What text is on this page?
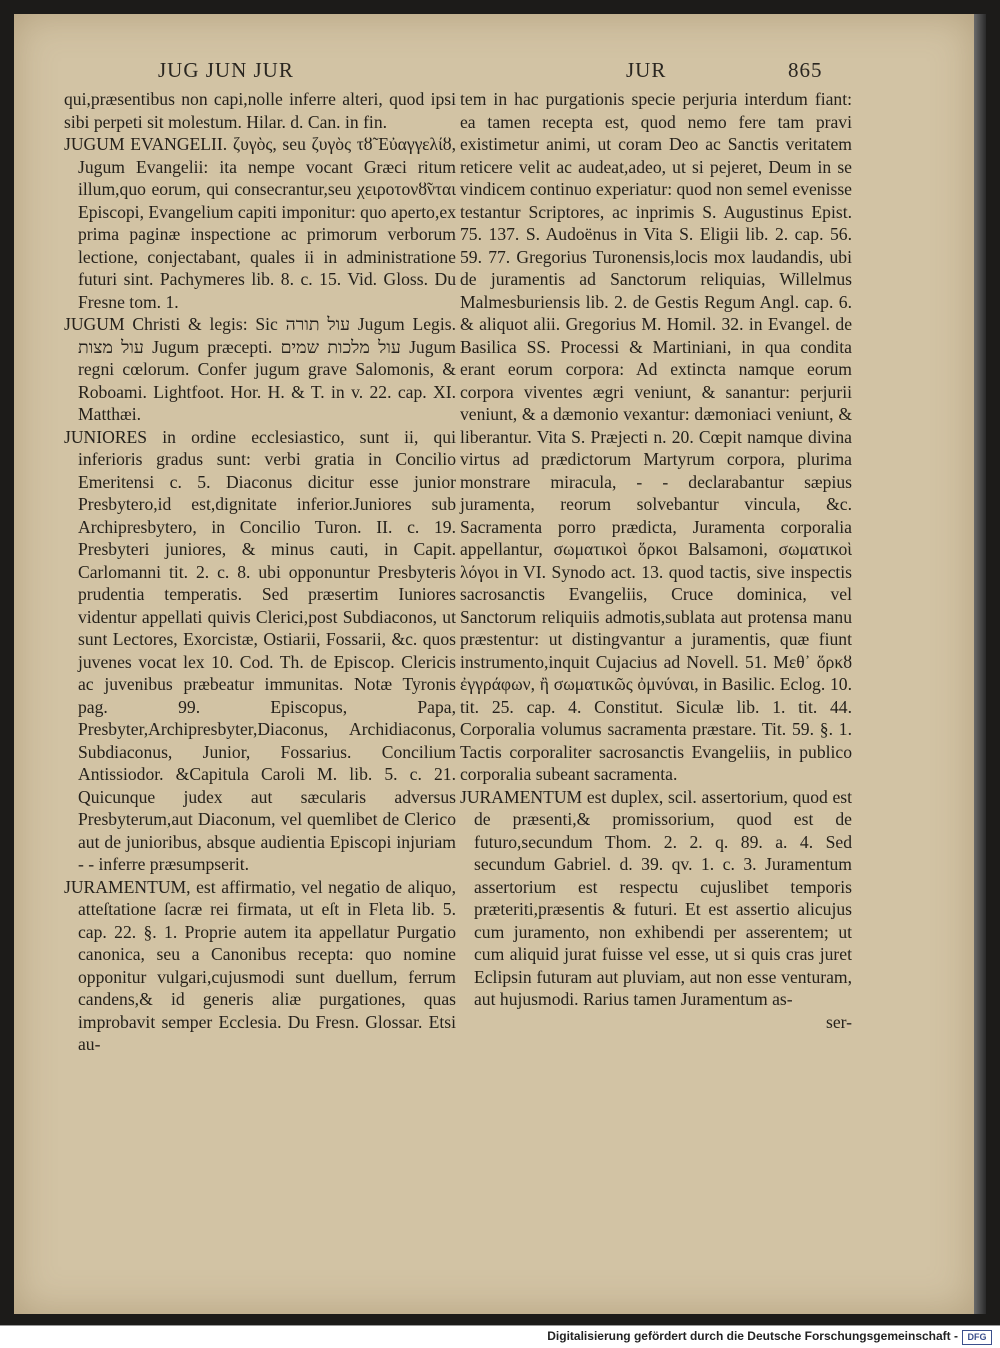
JUG JUN JUR	JUR	865

qui,præsentibus non capi,nolle inferre alteri, quod ipsi sibi perpeti sit molestum. Hilar. d. Can. in fin.

JUGUM EVANGELII. ζυγὸς, seu ζυγὸς τȣ̃ Εὐαγγελίȣ, Jugum Evangelii: ita nempe vocant Græci ritum illum,quo eorum, qui consecrantur,seu χειροτονȣ̃νται Episcopi, Evangelium capiti imponitur: quo aperto,ex prima paginæ inspectione ac primorum verborum lectione, conjectabant, quales ii in administratione futuri sint. Pachymeres lib. 8. c. 15. Vid. Gloss. Du Fresne tom. 1.

JUGUM Christi & legis: Sic עול תורה Jugum Legis. עול מצות Jugum præcepti. עול מלכות שמים Jugum regni cœlorum. Confer jugum grave Salomonis, & Roboami. Lightfoot. Hor. H. & T. in v. 22. cap. XI. Matthæi.

JUNIORES in ordine ecclesiastico, sunt ii, qui inferioris gradus sunt: verbi gratia in Concilio Emeritensi c. 5. Diaconus dicitur esse junior Presbytero,id est,dignitate inferior.Juniores sub Archipresbytero, in Concilio Turon. II. c. 19. Presbyteri juniores, & minus cauti, in Capit. Carlomanni tit. 2. c. 8. ubi opponuntur Presbyteris prudentia temperatis. Sed præsertim Iuniores videntur appellati quivis Clerici,post Subdiaconos, ut sunt Lectores, Exorcistæ, Ostiarii, Fossarii, &c. quos juvenes vocat lex 10. Cod. Th. de Episcop. Clericis ac juvenibus præbeatur immunitas. Notæ Tyronis pag. 99. Episcopus, Papa, Presbyter,Archipresbyter,Diaconus, Archidiaconus, Subdiaconus, Junior, Fossarius. Concilium Antissiodor. &Capitula Caroli M. lib. 5. c. 21. Quicunque judex aut sæcularis adversus Presbyterum,aut Diaconum, vel quemlibet de Clerico aut de junioribus, absque audientia Episcopi injuriam - - inferre præsumpserit.

JURAMENTUM, est affirmatio, vel negatio de aliquo, atteſtatione ſacræ rei firmata, ut eſt in Fleta lib. 5. cap. 22. §. 1. Proprie autem ita appellatur Purgatio canonica, seu a Canonibus recepta: quo nomine opponitur vulgari,cujusmodi sunt duellum, ferrum candens,& id generis aliæ purgationes, quas improbavit semper Ecclesia. Du Fresn. Glossar. Etsi au-

tem in hac purgationis specie perjuria interdum fiant: ea tamen recepta est, quod nemo fere tam pravi existimetur animi, ut coram Deo ac Sanctis veritatem reticere velit ac audeat,adeo, ut si pejeret, Deum in se vindicem continuo experiatur: quod non semel evenisse testantur Scriptores, ac inprimis S. Augustinus Epist. 75. 137. S. Audoënus in Vita S. Eligii lib. 2. cap. 56. 59. 77. Gregorius Turonensis,locis mox laudandis, ubi de juramentis ad Sanctorum reliquias, Willelmus Malmesburiensis lib. 2. de Gestis Regum Angl. cap. 6. & aliquot alii. Gregorius M. Homil. 32. in Evangel. de Basilica SS. Processi & Martiniani, in qua condita erant eorum corpora: Ad extincta namque eorum corpora viventes ægri veniunt, & sanantur: perjurii veniunt, & a dæmonio vexantur: dæmoniaci veniunt, & liberantur. Vita S. Præjecti n. 20. Cœpit namque divina virtus ad prædictorum Martyrum corpora, plurima monstrare miracula, - - declarabantur sæpius juramenta, reorum solvebantur vincula, &c. Sacramenta porro prædicta, Juramenta corporalia appellantur, σωματικοὶ ὅρκοι Balsamoni, σωματικοὶ λόγοι in VI. Synodo act. 13. quod tactis, sive inspectis sacrosanctis Evangeliis, Cruce dominica, vel Sanctorum reliquiis admotis,sublata aut protensa manu præstentur: ut distingvantur a juramentis, quæ fiunt instrumento,inquit Cujacius ad Novell. 51. Μεθ᾽ ὅρκȣ ἐγγράφων, ἢ σωματικῶς ὀμνύναι, in Basilic. Eclog. 10. tit. 25. cap. 4. Constitut. Siculæ lib. 1. tit. 44. Corporalia volumus sacramenta præstare. Tit. 59. §. 1. Tactis corporaliter sacrosanctis Evangeliis, in publico corporalia subeant sacramenta.

JURAMENTUM est duplex, scil. assertorium, quod est de præsenti,& promissorium, quod est de futuro,secundum Thom. 2. 2. q. 89. a. 4. Sed secundum Gabriel. d. 39. qv. 1. c. 3. Juramentum assertorium est respectu cujuslibet temporis præteriti,præsentis & futuri. Et est assertio alicujus cum juramento, non exhibendi per asserentem; ut cum aliquid jurat fuisse vel esse, ut si quis cras juret Eclipsin futuram aut pluviam, aut non esse venturam, aut hujusmodi. Rarius tamen Juramentum as-

ser-
Digitalisierung gefördert durch die Deutsche Forschungsgemeinschaft -	DFG
